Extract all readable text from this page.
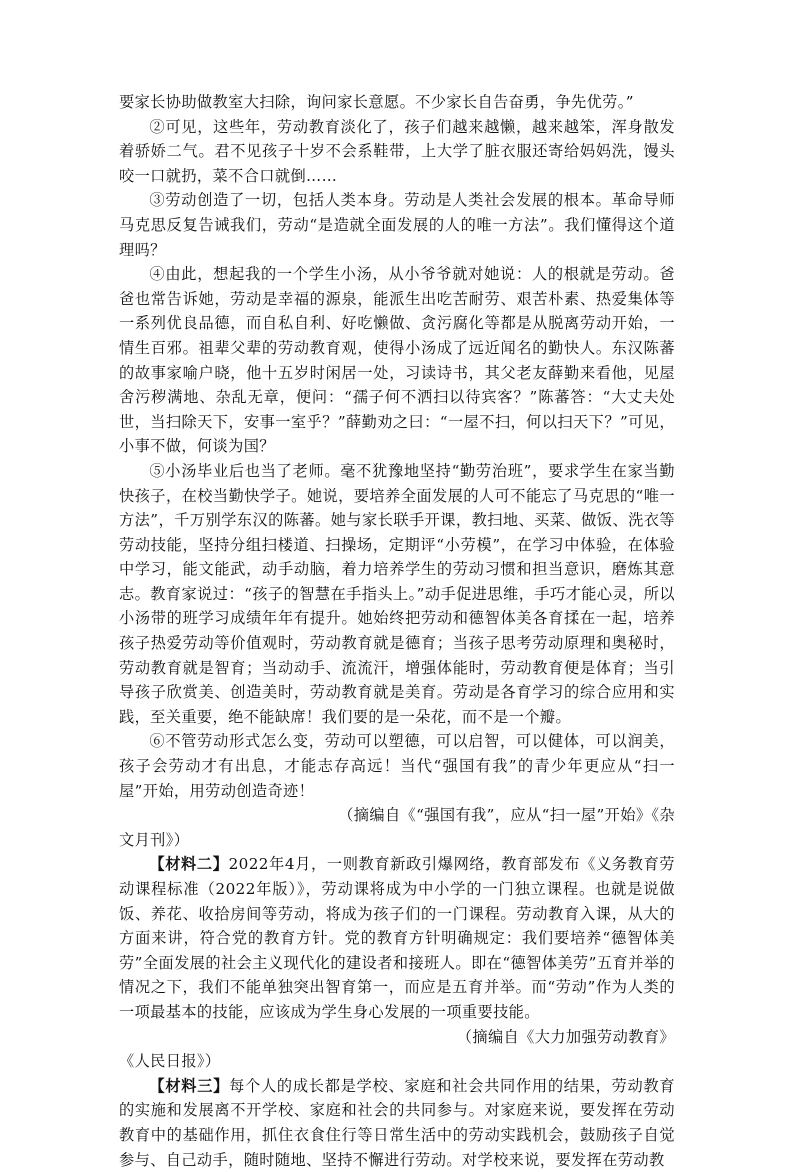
要家长协助做教室大扫除，询问家长意愿。不少家长自告奋勇，争先优劳。”

②可见，这些年，劳动教育淡化了，孩子们越来越懒，越来越笨，浑身散发着骄娇二气。君不见孩子十岁不会系鞋带，上大学了脏衣服还寄给妈妈洗，馒头咬一口就扔，菜不合口就倒……

③劳动创造了一切，包括人类本身。劳动是人类社会发展的根本。革命导师马克思反复告诫我们，劳动“是造就全面发展的人的唯一方法”。我们懂得这个道理吗？

④由此，想起我的一个学生小汤，从小爷爷就对她说：人的根就是劳动。爸爸也常告诉她，劳动是幸福的源泉，能派生出吃苦耐劳、艰苦朴素、热爱集体等一系列优良品德，而自私自利、好吃懒做、贪污腐化等都是从脱离劳动开始，一情生百邪。祖辈父辈的劳动教育观，使得小汤成了远近闻名的勤快人。东汉陈蕃的故事家喻户晓，他十五岁时闲居一处，习读诗书，其父老友薛勤来看他，见屋舍污秽满地、杂乱无章，便问：“孺子何不洒扫以待宾客？”陈蕃答：“大丈夫处世，当扫除天下，安事一室乎？”薛勤劝之曰：“一屋不扫，何以扫天下？”可见，小事不做，何谈为国？

⑤小汤毕业后也当了老师。毫不犹豫地坚持“勤劳治班”，要求学生在家当勤快孩子，在校当勤快学子。她说，要培养全面发展的人可不能忘了马克思的“唯一方法”，千万别学东汉的陈蕃。她与家长联手开课，教扫地、买菜、做饭、洗衣等劳动技能，坚持分组扫楼道、扫操场，定期评“小劳模”，在学习中体验，在体验中学习，能文能武，动手动脑，着力培养学生的劳动习惯和担当意识，磨炼其意志。教育家说过：“孩子的智慧在手指头上。”动手促进思维，手巧才能心灵，所以小汤带的班学习成绩年年有提升。她始终把劳动和德智体美各育揉在一起，培养孩子热爱劳动等价值观时，劳动教育就是德育；当孩子思考劳动原理和奥秘时，劳动教育就是智育；当动动手、流流汗，增强体能时，劳动教育便是体育；当引导孩子欣赏美、创造美时，劳动教育就是美育。劳动是各育学习的综合应用和实践，至关重要，绝不能缺席！我们要的是一朵花，而不是一个瓣。

⑥不管劳动形式怎么变，劳动可以塑德，可以启智，可以健体，可以润美，孩子会劳动才有出息，才能志存高远！当代“强国有我”的青少年更应从“扫一屋”开始，用劳动创造奇迹！

（摘编自《“强国有我”，应从“扫一屋”开始》《杂

文月刊》）

【材料二】2022年4月，一则教育新政引爆网络，教育部发布《义务教育劳动课程标准（2022年版）》，劳动课将成为中小学的一门独立课程。也就是说做饭、养花、收拾房间等劳动，将成为孩子们的一门课程。劳动教育入课，从大的方面来讲，符合党的教育方针。党的教育方针明确规定：我们要培养“德智体美劳”全面发展的社会主义现代化的建设者和接班人。即在“德智体美劳”五育并举的情况之下，我们不能单独突出智育第一，而应是五育并举。而“劳动”作为人类的一项最基本的技能，应该成为学生身心发展的一项重要技能。

（摘编自《大力加强劳动教育》

《人民日报》）

【材料三】每个人的成长都是学校、家庭和社会共同作用的结果，劳动教育的实施和发展离不开学校、家庭和社会的共同参与。对家庭来说，要发挥在劳动教育中的基础作用，抓住衣食住行等日常生活中的劳动实践机会，鼓励孩子自觉参与、自己动手，随时随地、坚持不懈进行劳动。对学校来说，要发挥在劳动教
